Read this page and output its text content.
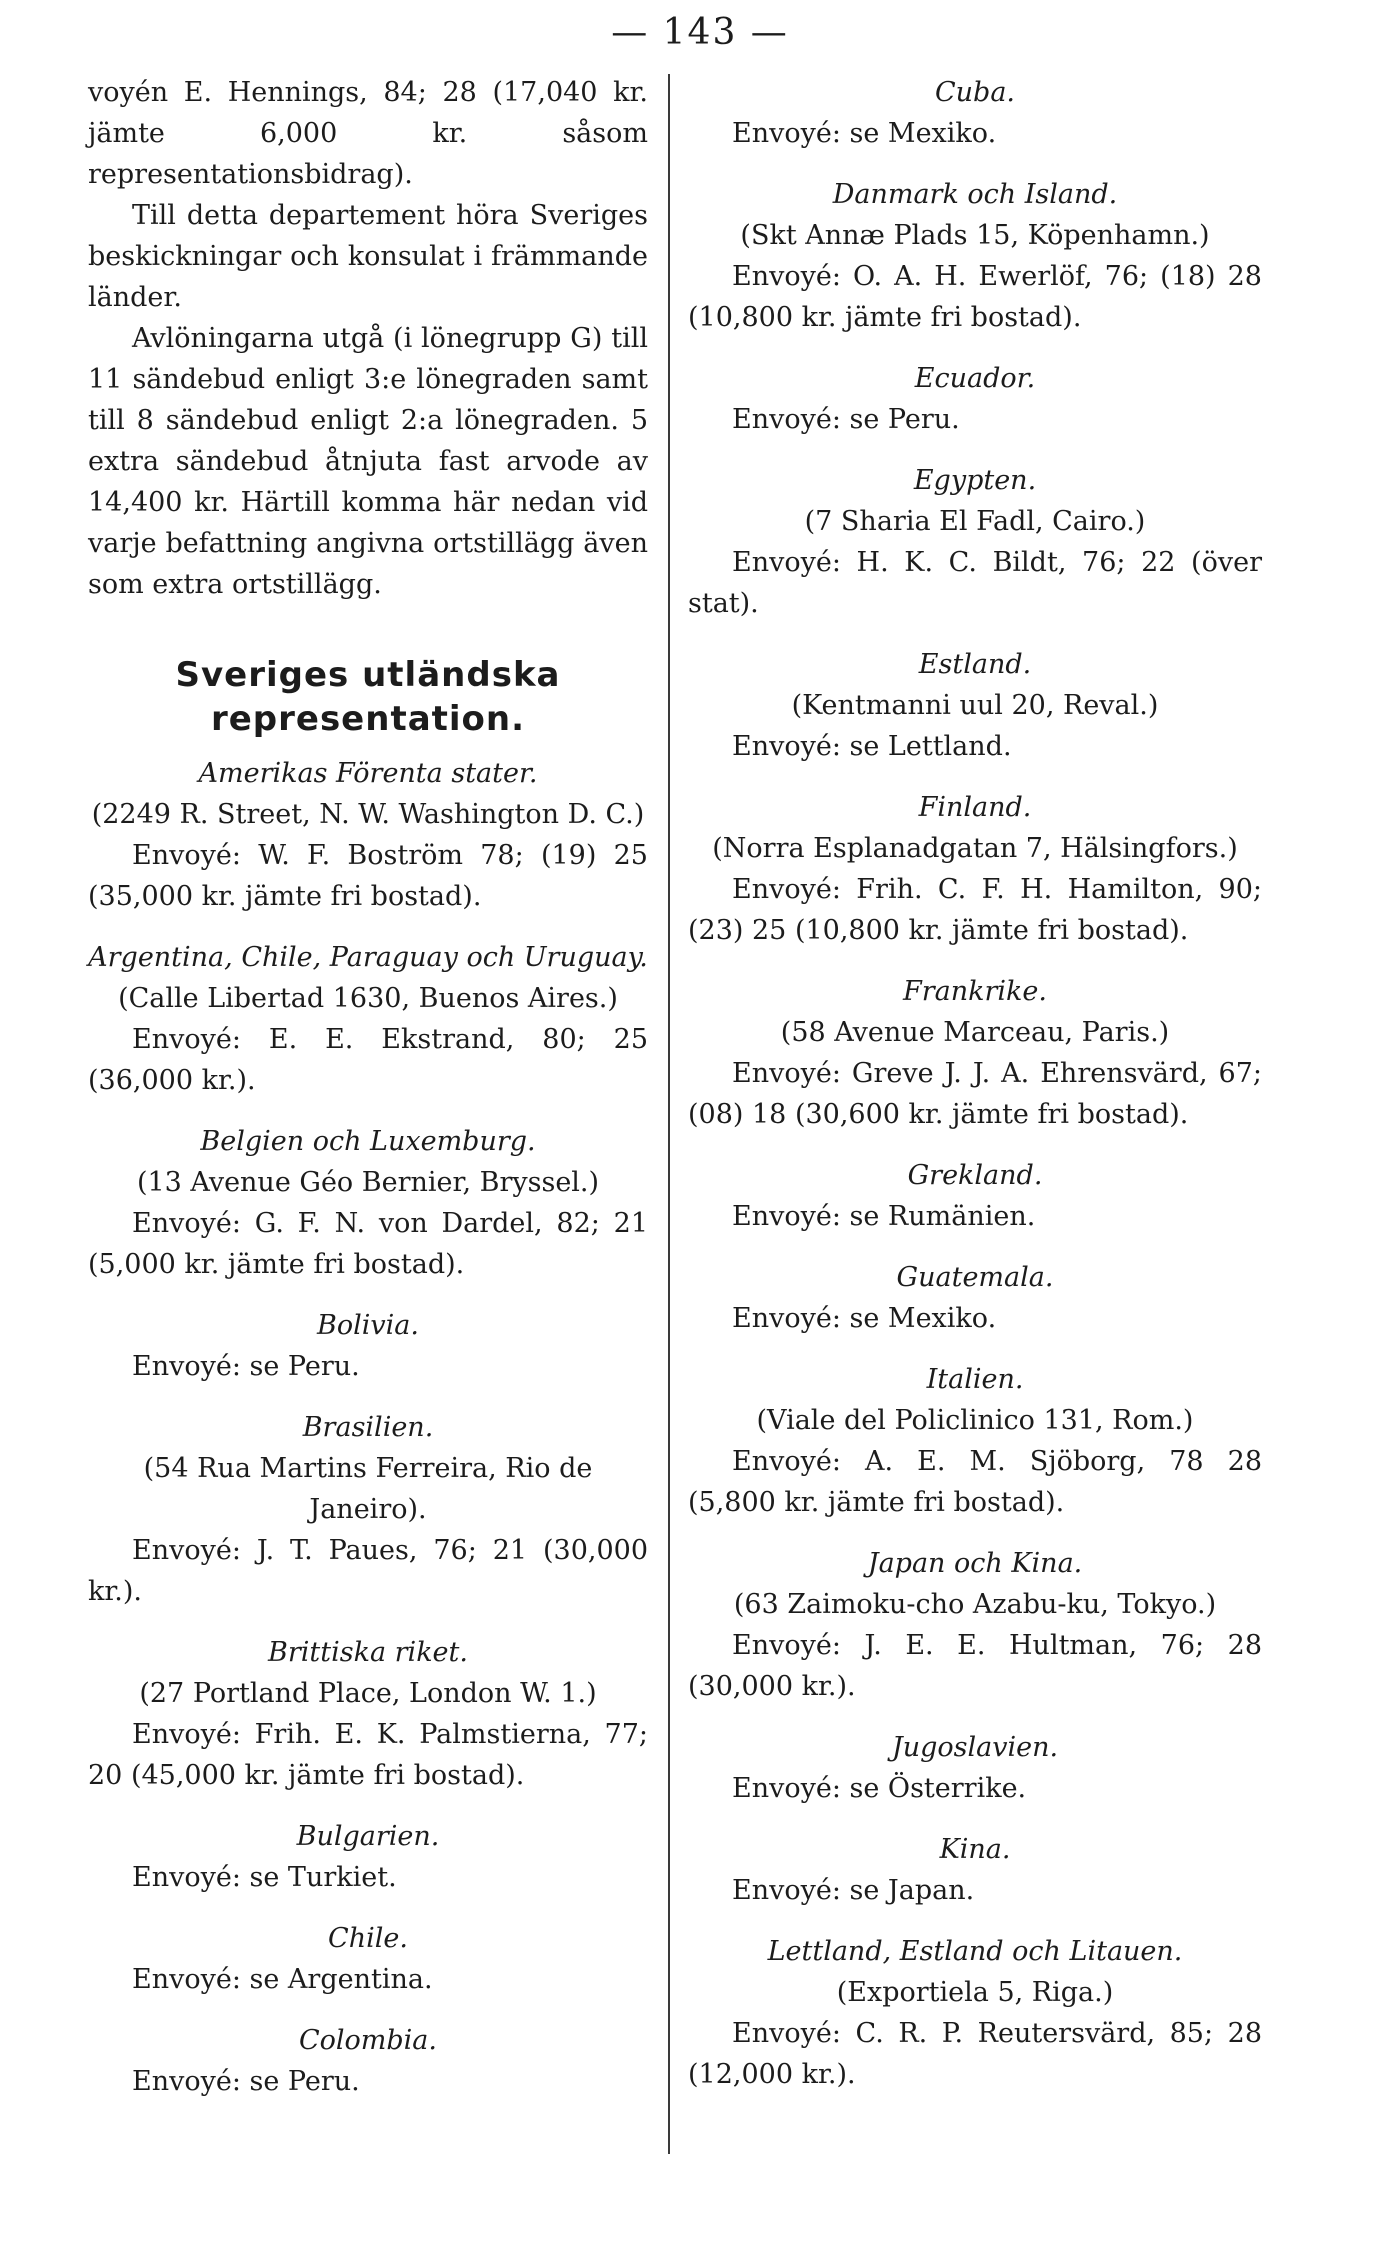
— 143 —

voyén E. Hennings, 84; 28 (17,040 kr. jämte 6,000 kr. såsom representationsbidrag).

Till detta departement höra Sveriges beskickningar och konsulat i främmande länder.

Avlöningarna utgå (i lönegrupp G) till 11 sändebud enligt 3:e lönegraden samt till 8 sändebud enligt 2:a lönegraden. 5 extra sändebud åtnjuta fast arvode av 14,400 kr. Härtill komma här nedan vid varje befattning angivna ortstillägg även som extra ortstillägg.

Sveriges utländska representation.

Amerikas Förenta stater.

(2249 R. Street, N. W. Washington D. C.)

Envoyé: W. F. Boström 78; (19) 25 (35,000 kr. jämte fri bostad).

Argentina, Chile, Paraguay och Uruguay.

(Calle Libertad 1630, Buenos Aires.)

Envoyé: E. E. Ekstrand, 80; 25 (36,000 kr.).

Belgien och Luxemburg.

(13 Avenue Géo Bernier, Bryssel.)

Envoyé: G. F. N. von Dardel, 82; 21 (5,000 kr. jämte fri bostad).

Bolivia.

Envoyé: se Peru.

Brasilien.

(54 Rua Martins Ferreira, Rio de Janeiro).

Envoyé: J. T. Paues, 76; 21 (30,000 kr.).

Brittiska riket.

(27 Portland Place, London W. 1.)

Envoyé: Frih. E. K. Palmstierna, 77; 20 (45,000 kr. jämte fri bostad).

Bulgarien.

Envoyé: se Turkiet.

Chile.

Envoyé: se Argentina.

Colombia.

Envoyé: se Peru.

Cuba.

Envoyé: se Mexiko.

Danmark och Island.

(Skt Annæ Plads 15, Köpenhamn.)

Envoyé: O. A. H. Ewerlöf, 76; (18) 28 (10,800 kr. jämte fri bostad).

Ecuador.

Envoyé: se Peru.

Egypten.

(7 Sharia El Fadl, Cairo.)

Envoyé: H. K. C. Bildt, 76; 22 (över stat).

Estland.

(Kentmanni uul 20, Reval.)

Envoyé: se Lettland.

Finland.

(Norra Esplanadgatan 7, Hälsingfors.)

Envoyé: Frih. C. F. H. Hamilton, 90; (23) 25 (10,800 kr. jämte fri bostad).

Frankrike.

(58 Avenue Marceau, Paris.)

Envoyé: Greve J. J. A. Ehrensvärd, 67; (08) 18 (30,600 kr. jämte fri bostad).

Grekland.

Envoyé: se Rumänien.

Guatemala.

Envoyé: se Mexiko.

Italien.

(Viale del Policlinico 131, Rom.)

Envoyé: A. E. M. Sjöborg, 78 28 (5,800 kr. jämte fri bostad).

Japan och Kina.

(63 Zaimoku-cho Azabu-ku, Tokyo.)

Envoyé: J. E. E. Hultman, 76; 28 (30,000 kr.).

Jugoslavien.

Envoyé: se Österrike.

Kina.

Envoyé: se Japan.

Lettland, Estland och Litauen.

(Exportiela 5, Riga.)

Envoyé: C. R. P. Reutersvärd, 85; 28 (12,000 kr.).
